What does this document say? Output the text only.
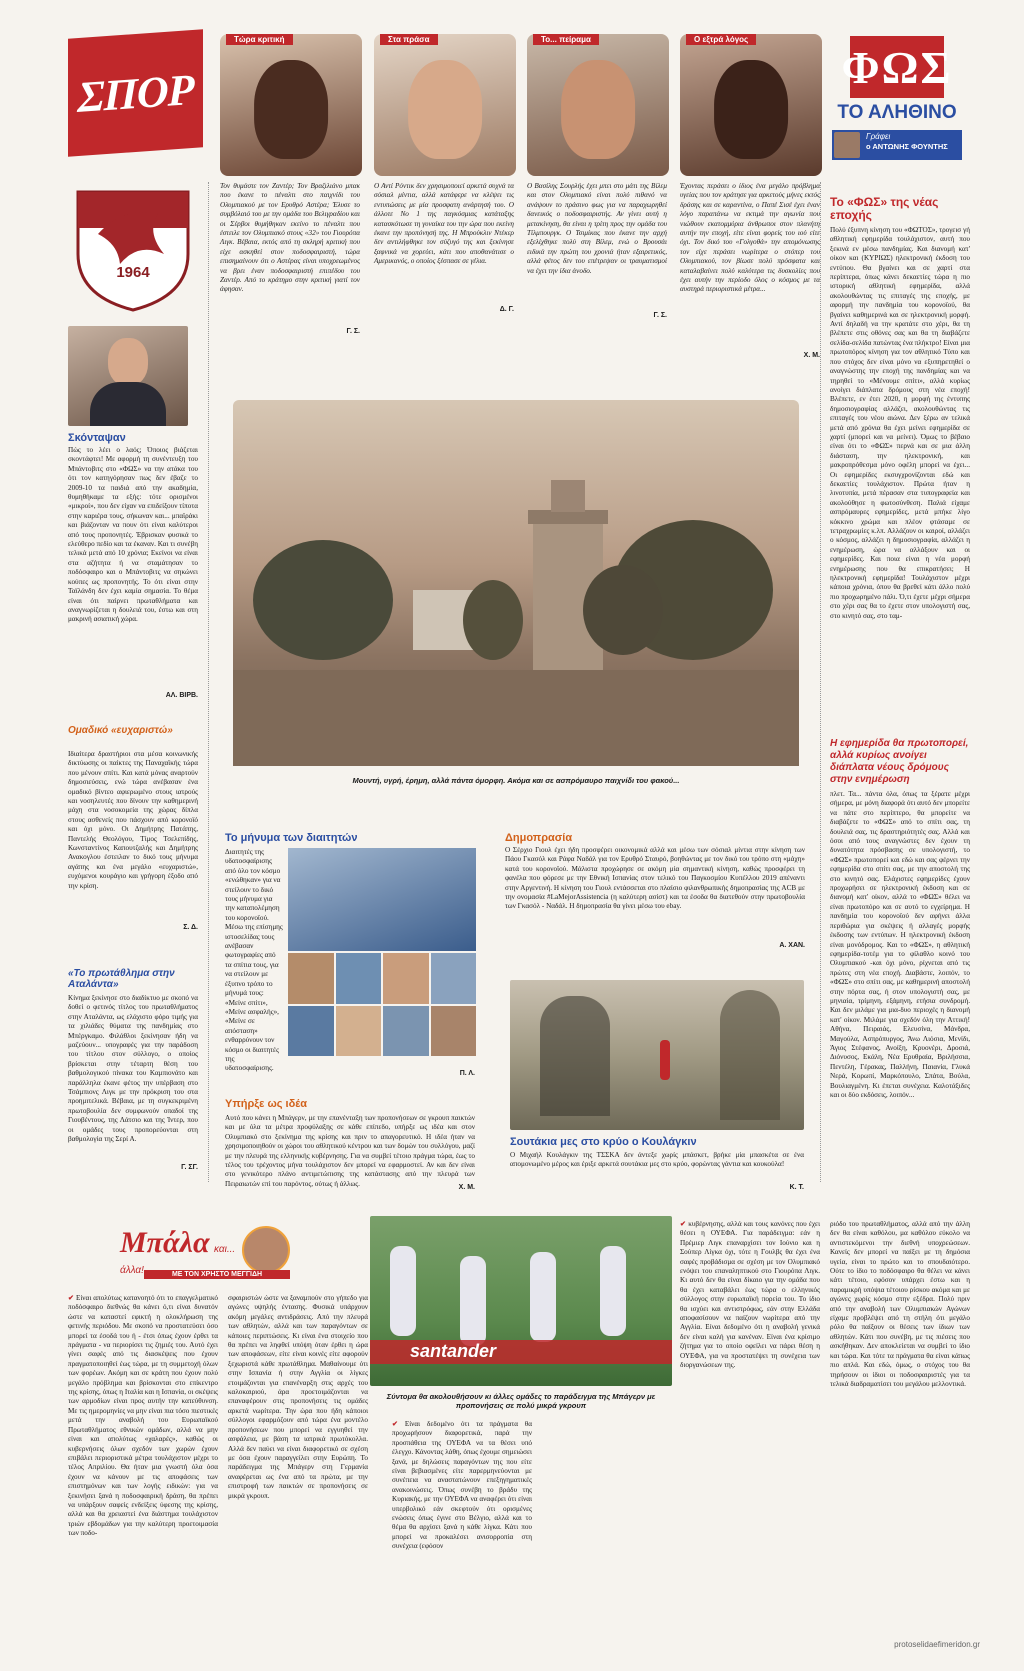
ΣΠΟΡ
Τώρα κριτική	Στα πράσα	Το... πείραμα	Ο εξτρά λόγος
ΦΩΣ
ΤΟ ΑΛΗΘΙΝΟ
Γράφει
ο ΑΝΤΩΝΗΣ ΦΟΥΝΤΗΣ
1964
Τον θυμάστε τον Ζαντέρ; Τον Βραζιλιάνο μπακ που έκανε το πέναλτι στο παιχνίδι του Ολυμπιακού με τον Ερυθρό Αστέρα; Έλυσε το συμβόλαιό του με την ομάδα του Βελιγραδίου και οι Σέρβοι θυμήθηκαν εκείνο το πέναλτι που έστειλε τον Ολυμπιακό στους «32» του Γιουρόπα Λιγκ. Βέβαια, εκτός από τη σκληρή κριτική που είχε ασκηθεί στον ποδοσφαιριστή, τώρα επισημαίνουν ότι ο Αστέρας είναι υποχρεωμένος να βρει έναν ποδοσφαιριστή επιπέδου του Ζαντέρ. Από το κράτημο στην κριτική γιατί τον άφησαν.
Γ. Σ.
Ο Αντί Ρόντικ δεν χρησιμοποιεί αρκετά συχνά τα σόσιαλ μίντια, αλλά κατάφερε να κλέψει τις εντυπώσεις με μία προσφατη ανάρτησή του. Ο άλλοτε Νο 1 της παγκόσμιας κατάταξης κατασκότωσε τη γυναίκα του την ώρα που εκείνη έκανε την προπόνησή της. Η Μπρούκλιν Ντέκερ δεν αντιλήφθηκε τον σύζυγό της και ξεκίνησε ξαφνικά να χορεύει, κάτι που αποθανάτισε ο Αμερικανός, ο οποίος ξέσπασε σε γέλια.
Δ. Γ.
Ο Βασίλης Σουρλής έχει μπει στο μάτι της Βίλεμ και στον Ολυμπιακό είναι πολύ πιθανό να ανάψουν το πράσινο φως για να παραχωρηθεί δανεικός ο ποδοσφαιριστής. Αν γίνει αυτή η μετακίνηση, θα είναι η τρίτη προς την ομάδα του Τίλμπουργκ. Ο Τσιμίκας που έκανε την αρχή εξελίχθηκε πολύ στη Βίλεμ, ενώ ο Βρουσάι ειδικά την πρώτη του χρονιά ήταν εξαιρετικός, αλλά φέτος δεν του επέτρεψαν οι τραυματισμοί να έχει την ίδια άνοδο.
Γ. Σ.
Έχοντας περάσει ο ίδιος ένα μεγάλο πρόβλημα υγείας που τον κράτησε για αρκετούς μήνες εκτός δράσης και σε καραντίνα, ο Παπέ Σισέ έχει έναν λόγο παραπάνω να εκτιμά την αγωνία που νιώθουν εκατομμύρια άνθρωποι στον πλανήτη αυτήν την εποχή, είτε είναι φορείς του ιού είτε όχι. Τον δικό του «Γολγοθά» την απομόνωσης τον είχε περάσει νωρίτερα ο στόπερ του Ολυμπιακού, τον βίωσε πολύ πρόσφατα και καταλαβαίνει πολύ καλύτερα τις δυσκολίες που έχει αυτήν την περίοδο όλος ο κόσμος με τα αυστηρά περιοριστικά μέτρα...
Χ. Μ.
Σκόνταψαν
Πώς το λέει ο λαός; Όποιος βιάζεται σκοντάφτει! Με αφορμή τη συνέντευξη του Μπάντοβιτς στο «ΦΩΣ» να την ατάκα του ότι τον κατηγόρησαν πως δεν έβαζε το 2009-10 τα παιδιά από την ακαδημία, θυμηθήκαμε τα εξής: τότε ορισμένοι «μικροί», που δεν είχαν να επιδείξουν τίποτα στην καριέρα τους, σήκωναν και... μπαϊράκι και βιάζονταν να πουν ότι είναι καλύτεροι από τους προπονητές. Έβρισκαν φυσικά το ελεύθερο πεδίο και τα έκαναν. Και τι συνέβη τελικά μετά από 10 χρόνια; Εκείνοι να είναι στα αζήτητα ή να σταμάτησαν το ποδόσφαιρο και ο Μπάντοβιτς να σηκώνει κούπες ως προπονητής. Το ότι είναι στην Ταϊλάνδη δεν έχει καμία σημασία. Το θέμα είναι ότι παίρνει πρωταθλήματα και αναγνωρίζεται η δουλειά του, έστω και στη μακρινή ασιατική χώρα.
ΑΛ. ΒΙΡΒ.
Ομαδικό «ευχαριστώ»
Ιδιαίτερα δραστήριοι στα μέσα κοινωνικής δικτύωσης οι παίκτες της Παναχαϊκής τώρα που μένουν σπίτι. Και κατά μόνας αναρτούν δημοσιεύσεις, ενώ τώρα ανέβασαν ένα ομαδικό βίντεο αφιερωμένο στους ιατρούς και νοσηλευτές που δίνουν την καθημερινή μάχη στα νοσοκομεία της χώρας δίπλα στους ασθενείς που πάσχουν από κορονοϊό και όχι μόνο. Οι Δημήτρης Πατάπης, Παντελής Θεολόγου, Τίμος Τσελεπίδης, Κωνσταντίνος Καπουτζαλής και Δημήτρης Ανακογλου έστειλαν το δικό τους μήνυμα αγάπης και ένα μεγάλο «ευχαριστώ», ευχόμενοι κουράγιο και γρήγορη έξοδο από την κρίση.
Σ. Δ.
«Το πρωτάθλημα στην Αταλάντα»
Κίνημα ξεκίνησε στο διαδίκτυο με σκοπό να δοθεί ο φετινός τίτλος του πρωταθλήματος στην Αταλάντα, ως ελάχιστο φόρο τιμής για τα χιλιάδες θύματα της πανδημίας στο Μπέργκαμο. Φιλάθλοι ξεκίνησαν ήδη να μαζεύουν... υπογραφές για την παράδοση του τίτλου στον σύλλογο, ο οποίος βρίσκεται στην τέταρτη θέση του βαθμολογικού πίνακα του Καμπιονάτο και παράλληλα έκανε φέτος την υπέρβαση στο Τσάμπιονς Λιγκ με την πρόκριση του στα προημιτελικά. Βέβαια, με τη συγκεκριμένη πρωτοβουλία δεν συμφωνούν οπαδοί της Γιουβέντους, της Λάτσιο και της Ίντερ, που οι ομάδες τους προπορεύονται στη βαθμολογία της Σερί Α.
Γ. ΣΓ.
Μουντή, υγρή, έρημη, αλλά πάντα όμορφη. Ακόμα και σε ασπρόμαυρο παιχνίδι του φακού...
Το μήνυμα των διαιτητών
Διαιτητές της υδατοσφαίρισης από όλο τον κόσμο «ενώθηκαν» για να στείλουν το δικό τους μήνυμα για την καταπολέμηση του κορονοϊού. Μέσω της επίσημης ιστοσελίδας τους ανέβασαν φωτογραφίες από τα σπίτια τους, για να στείλουν με έξυπνο τρόπο το μήνυμά τους: «Μείνε σπίτι», «Μείνε ασφαλής», «Μείνε σε απόσταση» ενθαρρύνουν τον κόσμο οι διαιτητές της υδατοσφαίρισης.
Π. Λ.
Υπήρξε ως ιδέα
Αυτό που κάνει η Μπάγερν, με την επανένταξη των προπονήσεων σε γκρουπ παικτών και με όλα τα μέτρα προφύλαξης σε κάθε επίπεδο, υπήρξε ως ιδέα και στον Ολυμπιακό στο ξεκίνημα της κρίσης και πριν το απαγορευτικό. Η ιδέα ήταν να χρησιμοποιηθούν οι χώροι του αθλητικού κέντρου και των δομών του συλλόγου, μαζί με την πλευρά της ελληνικής κυβέρνησης. Για να συμβεί τέτοιο πράγμα τώρα, έως το τέλος του τρέχοντος μήνα τουλάχιστον δεν μπορεί να εφαρμοστεί. Αν και δεν είναι στο γενικότερο πλάνο αντιμετώπισης της κατάστασης από την πλευρά των Πειραιωτών επί του παρόντος, ούτως ή άλλως.	Χ. Μ.
Δημοπρασία
Ο Σέρχιο Γιουλ έχει ήδη προσφέρει οικονομικά αλλά και μέσω των σόσιαλ μίντια στην κίνηση των Πάου Γκασόλ και Ράφα Ναδάλ για τον Ερυθρό Σταυρό, βοηθώντας με τον δικό του τρόπο στη «μάχη» κατά του κορονοϊού. Μάλιστα προχώρησε σε ακόμη μία σημαντική κίνηση, καθώς προσφέρει τη φανέλα που φόρεσε με την Εθνική Ισπανίας στον τελικό του Παγκοσμίου Κυπέλλου 2019 απέναντι στην Αργεντινή. Η κίνηση του Γιουλ εντάσσεται στο πλαίσιο φιλανθρωπικής δημοπρασίας της ACB με την ονομασία #LaMejorAssistencia (η καλύτερη ασίστ) και τα έσοδα θα διατεθούν στην πρωτοβουλία των Γκασόλ - Ναδάλ. Η δημοπρασία θα γίνει μέσω του ebay.
Α. ΧΑΝ.
Σουτάκια μες στο κρύο ο Κουλάγκιν
Ο Μιχαήλ Κουλάγκιν της ΤΣΣΚΑ δεν άντεξε χωρίς μπάσκετ, βρήκε μία μπασκέτα σε ένα απομονωμένο μέρος και έριξε αρκετά σουτάκια μες στο κρύο, φορώντας γάντια και κουκούλα!
Κ. Τ.
Το «ΦΩΣ» της νέας εποχής
Πολύ έξυπνη κίνηση του «ΦΩΤΟΣ», τρογεισ γή αθλητική εφημερίδα τουλάχιστον, αυτή που ξεκινά εν μέσω πανδημίας. Και διανομή κατ' οίκον και (ΚΥΡΙΩΣ) ηλεκτρονική έκδοση του εντύπου. Θα βγαίνει και σε χαρτί στα περίπτερα, όπως κάνει δεκαετίες τώρα η πιο ιστορική αθλητική εφημερίδα, αλλά ακολουθώντας τις επιταγές της εποχής, με αφορμή την πανδημία του κορονοϊού, θα βγαίνει καθημερινά και σε ηλεκτρονική μορφή. Αντί δηλαδή να την κρατάτε στο χέρι, θα τη βλέπετε στις οθόνες σας και θα τη διαβάζετε σελίδα-σελίδα πατώντας ένα πλήκτρο! Είναι μια πρωτοπόρος κίνηση για τον αθλητικό Τύπο και που στόχος δεν είναι μόνο να εξυπηρετηθεί ο αναγνώστης την εποχή της πανδημίας και να τηρηθεί το «Μένουμε σπίτι», αλλά κυρίως ανοίγει διάπλατα δρόμους στη νέα εποχή! Βλέπετε, εν έτει 2020, η μορφή της έντυπης δημοσιογραφίας αλλάζει, ακολουθώντας τις επιταγές του νέου αιώνα. Δεν ξέρω αν τελικά μετά από χρόνια θα έχει μείνει εφημερίδα σε χαρτί (μπορεί και να μείνει). Όμως το βέβαιο είναι ότι το «ΦΩΣ» περνά και σε μια άλλη διάσταση, την ηλεκτρονική, και μακροπρόθεσμα μόνο οφέλη μπορεί να έχει... Οι εφημερίδες εκσυγχρονίζονται εδώ και δεκαετίες τουλάχιστον. Πρώτα ήταν η λινοτυπία, μετά πέρασαν στα τυπογραφεία και ακολούθησε η φωτοσύνθεση. Παλιά είχαμε ασπρόμαυρες εφημερίδες, μετά μπήκε λίγο κόκκινο χρώμα και πλέον φτάσαμε σε τετραχρωμίες κ.λπ. Αλλάζουν οι καιροί, αλλάζει ο κόσμος, αλλάζει η δημοσιογραφία, αλλάζει η ενημέρωση, ώρα να αλλάξουν και οι εφημερίδες. Και ποια είναι η νέα μορφή ενημέρωσης που θα επικρατήσει; Η ηλεκτρονική εφημερίδα! Τουλάχιστον μέχρι κάποια χρόνια, όπου θα βρεθεί κάτι άλλο πολύ πιο προχωρημένο πάλι. Ό,τι έχετε μέχρι σήμερα στο χέρι σας θα το έχετε στον υπολογιστή σας, στο κινητό σας, στο ταμ-
Η εφημερίδα θα πρωτοπορεί, αλλά κυρίως ανοίγει διάπλατα νέους δρόμους στην ενημέρωση
πλετ. Τα... πάντα όλα, όπως τα ξέρατε μέχρι σήμερα, με μόνη διαφορά ότι αυτό δεν μπορείτε να πάτε στο περίπτερο, θα μπορείτε να διαβάζετε το «ΦΩΣ» από το σπίτι σας, τη δουλειά σας, τις δραστηριότητές σας. Αλλά και όσοι από τους αναγνώστες δεν έχουν τη δυνατότητα πρόσβασης σε υπολογιστή, το «ΦΩΣ» πρωτοπορεί και εδώ και σας φέρνει την εφημερίδα στο σπίτι σας, με την αποστολή της στο κινητό σας. Ελάχιστες εφημερίδες έχουν προχωρήσει σε ηλεκτρονική έκδοση και σε διανομή κατ' οίκον, αλλά το «ΦΩΣ» θέλει να είναι πρωτοπόρο και σε αυτό το εγχείρημα. Η πανδημία του κορονοϊού δεν αφήνει άλλα περιθώρια για σκέψεις ή αλλαγές μορφής έκδοσης των εντύπων. Η ηλεκτρονική έκδοση είναι μονόδρομος. Και το «ΦΩΣ», η αθλητική εφημερίδα-τοτέμ για το φίλαθλο κοινό του Ολυμπιακού -και όχι μόνο, ρίχνεται από τις πρώτες στη νέα εποχή. Διαβάστε, λοιπόν, το «ΦΩΣ» στο σπίτι σας, με καθημερινή αποστολή στην πόρτα σας, ή στον υπολογιστή σας, με μηνιαία, τρίμηνη, εξάμηνη, ετήσια συνδρομή. Και δεν μιλάμε για μια-δυο περιοχές η διανομή κατ' οίκον. Μιλάμε για σχεδόν όλη την Αττική! Αθήνα, Πειραιάς, Ελευσίνα, Μάνδρα, Μαγούλα, Ασπρόπυργος, Άνω Λιόσια, Μενίδι, Άγιος Στέφανος, Ανοίξη, Κρυονέρι, Δροσιά, Διόνυσος, Εκάλη, Νέα Ερυθραία, Βριλήσσια, Πεντέλη, Γέρακας, Παλλήνη, Παιανία, Γλυκά Νερά, Κορωπί, Μαρκόπουλο, Σπάτα, Βούλα, Βουλιαγμένη. Κι έπεται συνέχεια. Καλοτάξιδες και οι δύο εκδόσεις, λοιπόν...
Μπάλα και... άλλα!	ΜΕ ΤΟΝ ΧΡΗΣΤΟ ΜΕΓΓΙΔΗ
santander
Σύντομα θα ακολουθήσουν κι άλλες ομάδες το παράδειγμα της Μπάγερν με προπονήσεις σε πολύ μικρά γκρουπ
✔ Είναι απολύτως κατανοητό ότι το επαγγελματικό ποδόσφαιρο διεθνώς θα κάνει ό,τι είναι δυνατόν ώστε να καταστεί εφικτή η ολοκλήρωση της φετινής περιόδου. Με σκοπό να προστατεύσει όσο μπορεί τα έσοδά του ή - έτσι όπως έχουν έρθει τα πράγματα - να περιορίσει τις ζημιές του. Αυτό έχει γίνει σαφές από τις διασκέψεις που έχουν πραγματοποιηθεί έως τώρα, με τη συμμετοχή όλων των φορέων. Ακόμη και σε κράτη που έχουν πολύ μεγάλο πρόβλημα και βρίσκονται στο επίκεντρο της κρίσης, όπως η Ιταλία και η Ισπανία, οι σκέψεις των αρμοδίων είναι προς αυτήν την κατεύθυνση. Με τις ημερομηνίες να μην είναι πια τόσο πιεστικές μετά την αναβολή του Ευρωπαϊκού Πρωταθλήματος εθνικών ομάδων, αλλά να μην είναι και απολύτως «χαλαρές», καθώς οι κυβερνήσεις όλων σχεδόν των χωρών έχουν επιβάλει περιοριστικά μέτρα τουλάχιστον μέχρι το τέλος Απριλίου. Θα ήταν μια γνωστή όλα όσα έχουν να κάνουν με τις αποφάσεις των επιστημόνων και των λογής ειδικών: για να ξεκινήσει ξανά η ποδοσφαιρική δράση, θα πρέπει να υπάρξουν σαφείς ενδείξεις ύφεσης της κρίσης, αλλά και θα χρειαστεί ένα διάστημα τουλάχιστον τριών εβδομάδων για την καλύτερη προετοιμασία των ποδο-
σφαιριστών ώστε να ξαναμπούν στο γήπεδο για αγώνες υψηλής έντασης. Φυσικά υπάρχουν ακόμη μεγάλες αντιδράσεις. Από την πλευρά των αθλητών, αλλά και των παραγόντων σε κάποιες περιπτώσεις. Κι είναι ένα στοιχείο που θα πρέπει να ληφθεί υπόψη όταν έρθει η ώρα των αποφάσεων, είτε είναι κοινές είτε αφορούν ξεχωριστά κάθε πρωτάθλημα. Μαθαίνουμε ότι στην Ισπανία ή στην Αγγλία οι λίγκες ετοιμάζονται για επανέναρξη στις αρχές του καλοκαιριού, άρα προετοιμάζονται να επαναφέρουν στις προπονήσεις τις ομάδες αρκετά νωρίτερα. Την ώρα που ήδη κάποιοι σύλλογοι εφαρμόζουν από τώρα ένα μοντέλο προπονήσεων που μπορεί να εγγυηθεί την ασφάλεια, με βάση τα ιατρικά πρωτόκολλα. Αλλά δεν παύει να είναι διαφορετικό σε σχέση με όσα έχουν παραγγείλει στην Ευρώπη. Το παράδειγμα της Μπάγερν στη Γερμανία αναφέρεται ως ένα από τα πρώτα, με την επιστροφή των παικτών σε προπονήσεις σε μικρά γκρουπ.
✔ Είναι δεδομένο ότι τα πράγματα θα προχωρήσουν διαφορετικά, παρά την προσπάθεια της ΟΥΕΦΑ να τα θέσει υπό έλεγχο. Κάνοντας λάθη, όπως έχουμε σημειώσει ξανά, με δηλώσεις παραγόντων της που είτε είναι βεβιασμένες είτε παρερμηνεύονται με συνέπεια να αναστατώνουν επεξηγηματικές ανακοινώσεις. Όπως συνέβη το βράδυ της Κυριακής, με την ΟΥΕΦΑ να αναφέρει ότι είναι υπερβολικό εάν σκεφτούν ότι ορισμένες ενώσεις όπως έγινε στο Βέλγιο, αλλά και το θέμα θα αρχίσει ξανά η κάθε λίγκα. Κάτι που μπορεί να προκαλέσει ανισορροπία στη συνέχεια (εφόσον
✔ κυβέρνησης, αλλά και τους κανόνες που έχει θέσει η ΟΥΕΦΑ. Για παράδειγμα: εάν η Πρέμιερ Λιγκ επαναρχίσει τον Ιούνιο και η Σούπερ Λίγκα όχι, τότε η Γουλβς θα έχει ένα σαφές προβάδισμα σε σχέση με τον Ολυμπιακό ενόψει του επαναληπτικού στο Γιουρόπα Λιγκ. Κι αυτό δεν θα είναι δίκαιο για την ομάδα που θα έχει καταβάλει έως τώρα ο ελληνικός σύλλογος στην ευρωπαϊκή πορεία του. Το ίδιο θα ισχύει και αντιστρόφως, εάν στην Ελλάδα αποφασίσουν να παίζουν νωρίτερα από την Αγγλία. Είναι δεδομένο ότι η αναβολή γενικά δεν είναι καλή για κανέναν. Είναι ένα κρίσιμο ζήτημα για το οποίο οφείλει να πάρει θέση η ΟΥΕΦΑ, για να προστατέψει τη συνέχεια των διοργανώσεων της.
ριόδο του πρωταθλήματος, αλλά από την άλλη δεν θα είναι καθόλου, μα καθόλου εύκολο να αντιστεκόμενοι την διεθνή υποχρεώσεων. Κανείς δεν μπορεί να παίξει με τη δημόσια υγεία, είναι το πρώτο και το σπουδαιότερο. Ούτε το ίδιο το ποδόσφαιρο θα θέλει να κάνει κάτι τέτοιο, εφόσον υπάρχει έστω και η παραμικρή υπόψια τέτοιου ρίσκου ακόμα και με αγώνες χωρίς κόσμο στην εξέδρα. Πολύ πριν από την αναβολή των Ολυμπιακών Αγώνων είχαμε προβλέψει από τη στήλη ότι μεγάλο ρόλο θα παίξουν οι θέσεις των ίδιων των αθλητών. Κάτι που συνέβη, με τις πιέσεις που ασκήθηκαν. Δεν αποκλείεται να συμβεί το ίδιο και τώρα. Και τότε τα πράγματα θα είναι κάπως πιο απλά. Και εδώ, όμως, ο στόχος του θα τηρήσουν οι ίδιοι οι ποδοσφαιριστές για τα τελικά διαδραματίσει του μεγάλου μελλοντικά.
protoselidaefimeridon.gr
